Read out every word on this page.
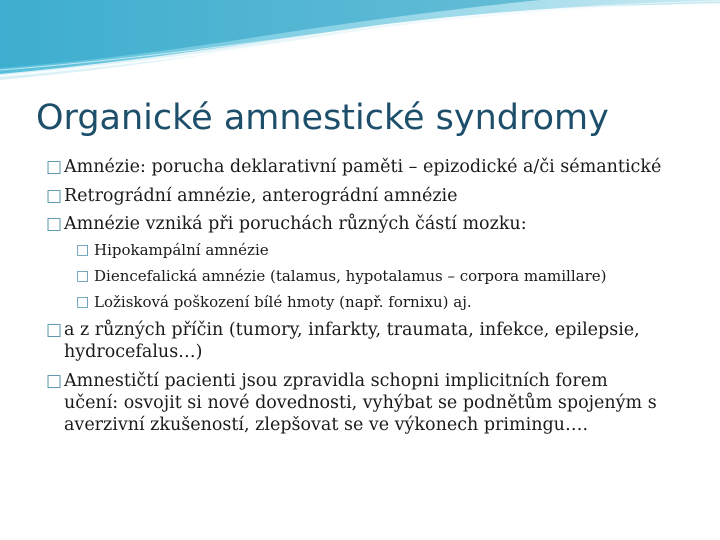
Organické amnestické syndromy

□ Amnézie: porucha deklarativní paměti – epizodické a/či sémantické

□ Retrográdní amnézie, anterográdní amnézie

□ Amnézie vzniká při poruchách různých částí mozku:

□ Hipokampální amnézie

□ Diencefalická amnézie (talamus, hypotalamus – corpora mamillare)

□ Ložisková poškození bílé hmoty (např. fornixu) aj.

□ a z různých příčin (tumory, infarkty, traumata, infekce, epilepsie, hydrocefalus…)

□ Amnestičtí pacienti jsou zpravidla schopni implicitních forem učení: osvojit si nové dovednosti, vyhýbat se podnětům spojeným s averzivní zkušeností, zlepšovat se ve výkonech primingu….
